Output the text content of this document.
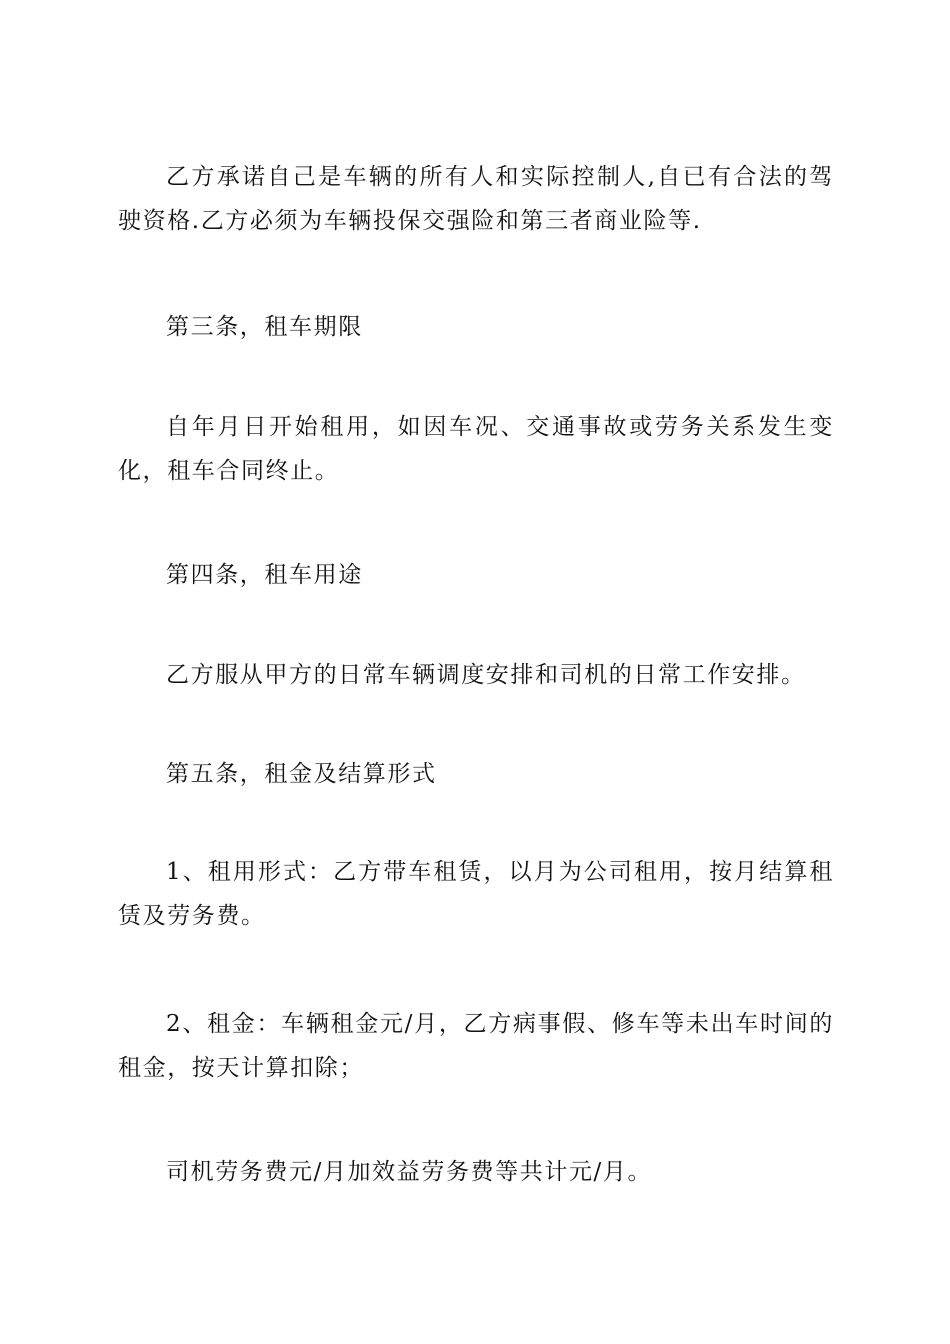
乙方承诺自己是车辆的所有人和实际控制人,自已有合法的驾驶资格.乙方必须为车辆投保交强险和第三者商业险等.

第三条，租车期限

自年月日开始租用，如因车况、交通事故或劳务关系发生变化，租车合同终止。

第四条，租车用途

乙方服从甲方的日常车辆调度安排和司机的日常工作安排。

第五条，租金及结算形式

1、租用形式：乙方带车租赁，以月为公司租用，按月结算租赁及劳务费。

2、租金：车辆租金元/月，乙方病事假、修车等未出车时间的租金，按天计算扣除；

司机劳务费元/月加效益劳务费等共计元/月。
